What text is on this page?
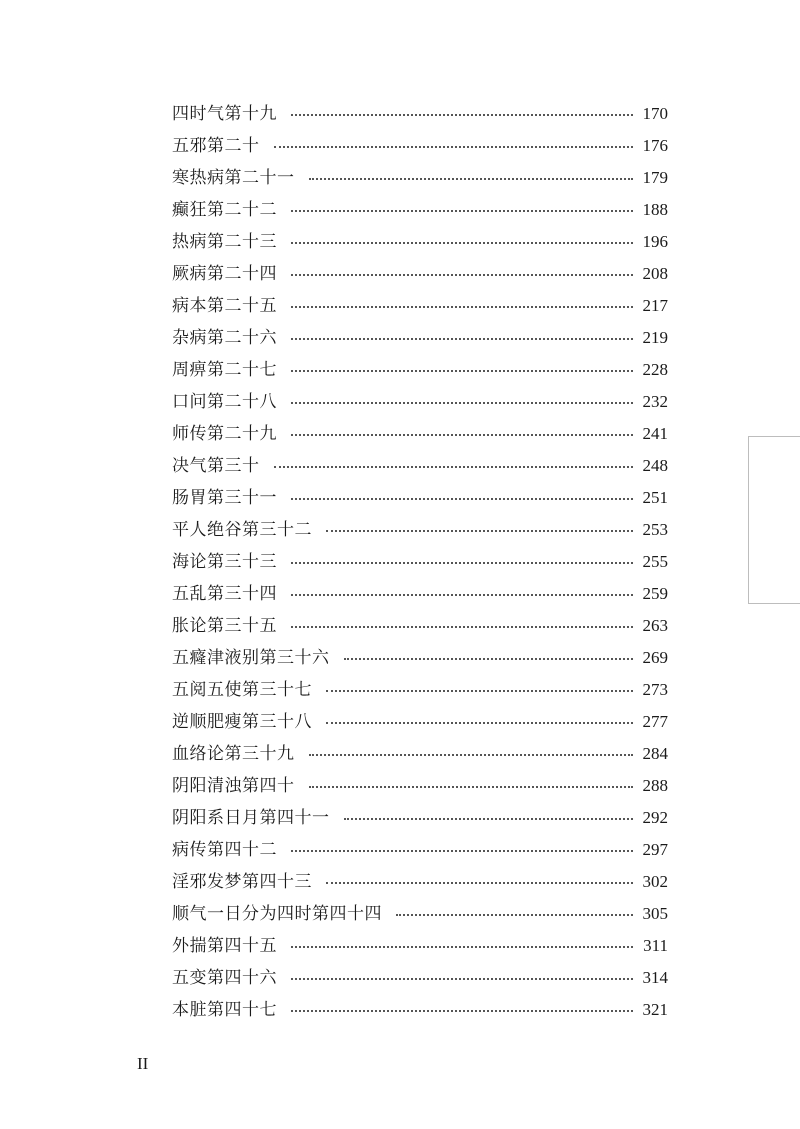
四时气第十九	170
五邪第二十	176
寒热病第二十一	179
癫狂第二十二	188
热病第二十三	196
厥病第二十四	208
病本第二十五	217
杂病第二十六	219
周痹第二十七	228
口问第二十八	232
师传第二十九	241
决气第三十	248
肠胃第三十一	251
平人绝谷第三十二	253
海论第三十三	255
五乱第三十四	259
胀论第三十五	263
五癃津液别第三十六	269
五阅五使第三十七	273
逆顺肥瘦第三十八	277
血络论第三十九	284
阴阳清浊第四十	288
阴阳系日月第四十一	292
病传第四十二	297
淫邪发梦第四十三	302
顺气一日分为四时第四十四	305
外揣第四十五	311
五变第四十六	314
本脏第四十七	321
II
